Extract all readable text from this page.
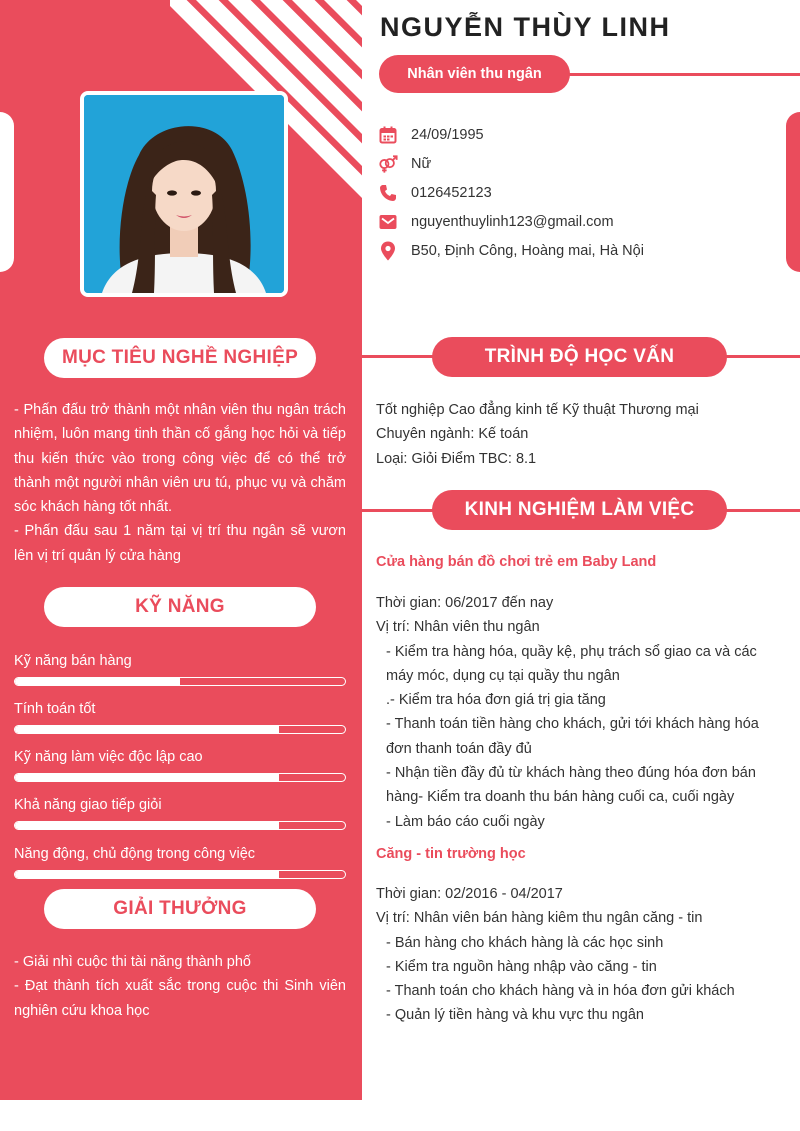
MỤC TIÊU NGHỀ NGHIỆP

- Phấn đấu trở thành một nhân viên thu ngân trách nhiệm, luôn mang tinh thần cố gắng học hỏi và tiếp thu kiến thức vào trong công việc để có thể trở thành một người nhân viên ưu tú, phục vụ và chăm sóc khách hàng tốt nhất.

- Phấn đấu sau 1 năm tại vị trí thu ngân sẽ vươn lên vị trí quản lý cửa hàng

KỸ NĂNG
Kỹ năng bán hàng
Tính toán tốt
Kỹ năng làm việc độc lập cao
Khả năng giao tiếp giỏi
Năng động, chủ động trong công việc
GIẢI THƯỞNG

- Giải nhì cuộc thi tài năng thành phố

- Đạt thành tích xuất sắc trong cuộc thi Sinh viên nghiên cứu khoa học

NGUYỄN THÙY LINH
Nhân viên thu ngân
24/09/1995
Nữ
0126452123
nguyenthuylinh123@gmail.com
B50, Định Công, Hoàng mai, Hà Nội
TRÌNH ĐỘ HỌC VẤN

Tốt nghiệp Cao đẳng kinh tế Kỹ thuật Thương mại

Chuyên ngành: Kế toán

Loại: Giỏi Điểm TBC: 8.1

KINH NGHIỆM LÀM VIỆC
Cửa hàng bán đồ chơi trẻ em Baby Land

Thời gian: 06/2017 đến nay

Vị trí: Nhân viên thu ngân

- Kiểm tra hàng hóa, quầy kệ, phụ trách sổ giao ca và các máy móc, dụng cụ tại quầy thu ngân

.- Kiểm tra hóa đơn giá trị gia tăng

- Thanh toán tiền hàng cho khách, gửi tới khách hàng hóa đơn thanh toán đầy đủ

- Nhận tiền đầy đủ từ khách hàng theo đúng hóa đơn bán hàng- Kiểm tra doanh thu bán hàng cuối ca, cuối ngày

- Làm báo cáo cuối ngày

Căng - tin trường học

Thời gian: 02/2016 - 04/2017

Vị trí: Nhân viên bán hàng kiêm thu ngân căng - tin

- Bán hàng cho khách hàng là các học sinh

- Kiểm tra nguồn hàng nhập vào căng - tin

- Thanh toán cho khách hàng và in hóa đơn gửi khách

- Quản lý tiền hàng và khu vực thu ngân
